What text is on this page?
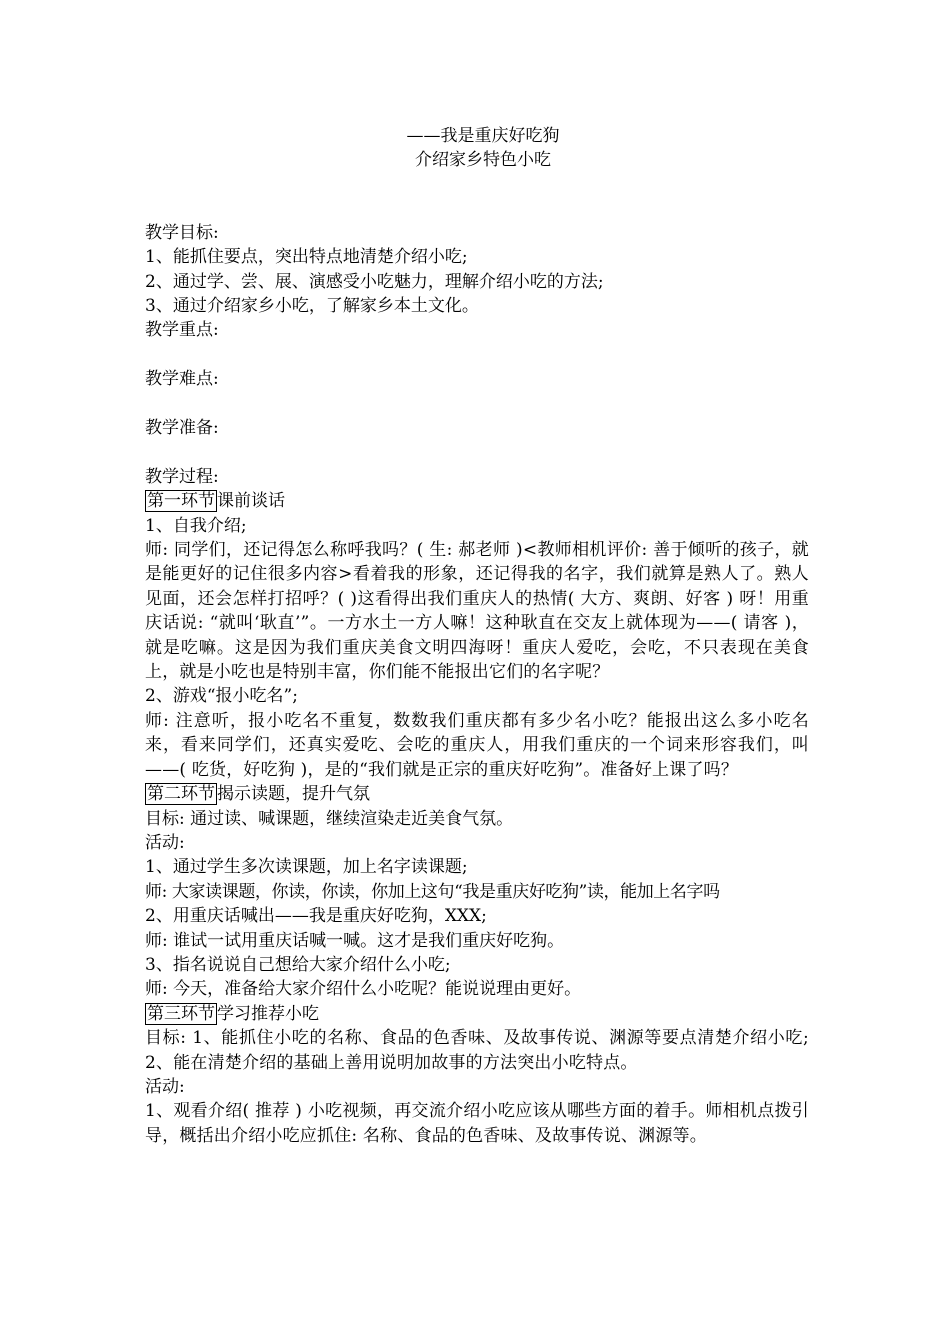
——我是重庆好吃狗
介绍家乡特色小吃

教学目标:

1、能抓住要点，突出特点地清楚介绍小吃;

2、通过学、尝、展、演感受小吃魅力，理解介绍小吃的方法;

3、通过介绍家乡小吃，了解家乡本土文化。

教学重点:

教学难点:

教学准备:

教学过程:

第一环节 课前谈话

1、自我介绍;

师: 同学们，还记得怎么称呼我吗？( 生: 郝老师 )<教师相机评价: 善于倾听的孩子，就是能更好的记住很多内容>看着我的形象，还记得我的名字，我们就算是熟人了。熟人见面，还会怎样打招呼？( )这看得出我们重庆人的热情( 大方、爽朗、好客 ) 呀！用重庆话说: “就叫‘耿直’”。一方水土一方人嘛！这种耿直在交友上就体现为——( 请客 )，就是吃嘛。这是因为我们重庆美食文明四海呀！重庆人爱吃，会吃，不只表现在美食上，就是小吃也是特别丰富，你们能不能报出它们的名字呢？

2、游戏“报小吃名”;

师: 注意听，报小吃名不重复，数数我们重庆都有多少名小吃？能报出这么多小吃名来，看来同学们，还真实爱吃、会吃的重庆人，用我们重庆的一个词来形容我们，叫——( 吃货，好吃狗 )，是的“我们就是正宗的重庆好吃狗”。准备好上课了吗？

第二环节 揭示读题，提升气氛

目标: 通过读、喊课题，继续渲染走近美食气氛。

活动:

1、通过学生多次读课题，加上名字读课题;

师: 大家读课题，你读，你读，你加上这句“我是重庆好吃狗”读，能加上名字吗

2、用重庆话喊出——我是重庆好吃狗，XXX;

师: 谁试一试用重庆话喊一喊。这才是我们重庆好吃狗。

3、指名说说自己想给大家介绍什么小吃;

师: 今天，准备给大家介绍什么小吃呢？能说说理由更好。

第三环节 学习推荐小吃

目标: 1、能抓住小吃的名称、食品的色香味、及故事传说、渊源等要点清楚介绍小吃; 2、能在清楚介绍的基础上善用说明加故事的方法突出小吃特点。

活动:

1、观看介绍( 推荐 ) 小吃视频，再交流介绍小吃应该从哪些方面的着手。师相机点拨引导，概括出介绍小吃应抓住: 名称、食品的色香味、及故事传说、渊源等。
